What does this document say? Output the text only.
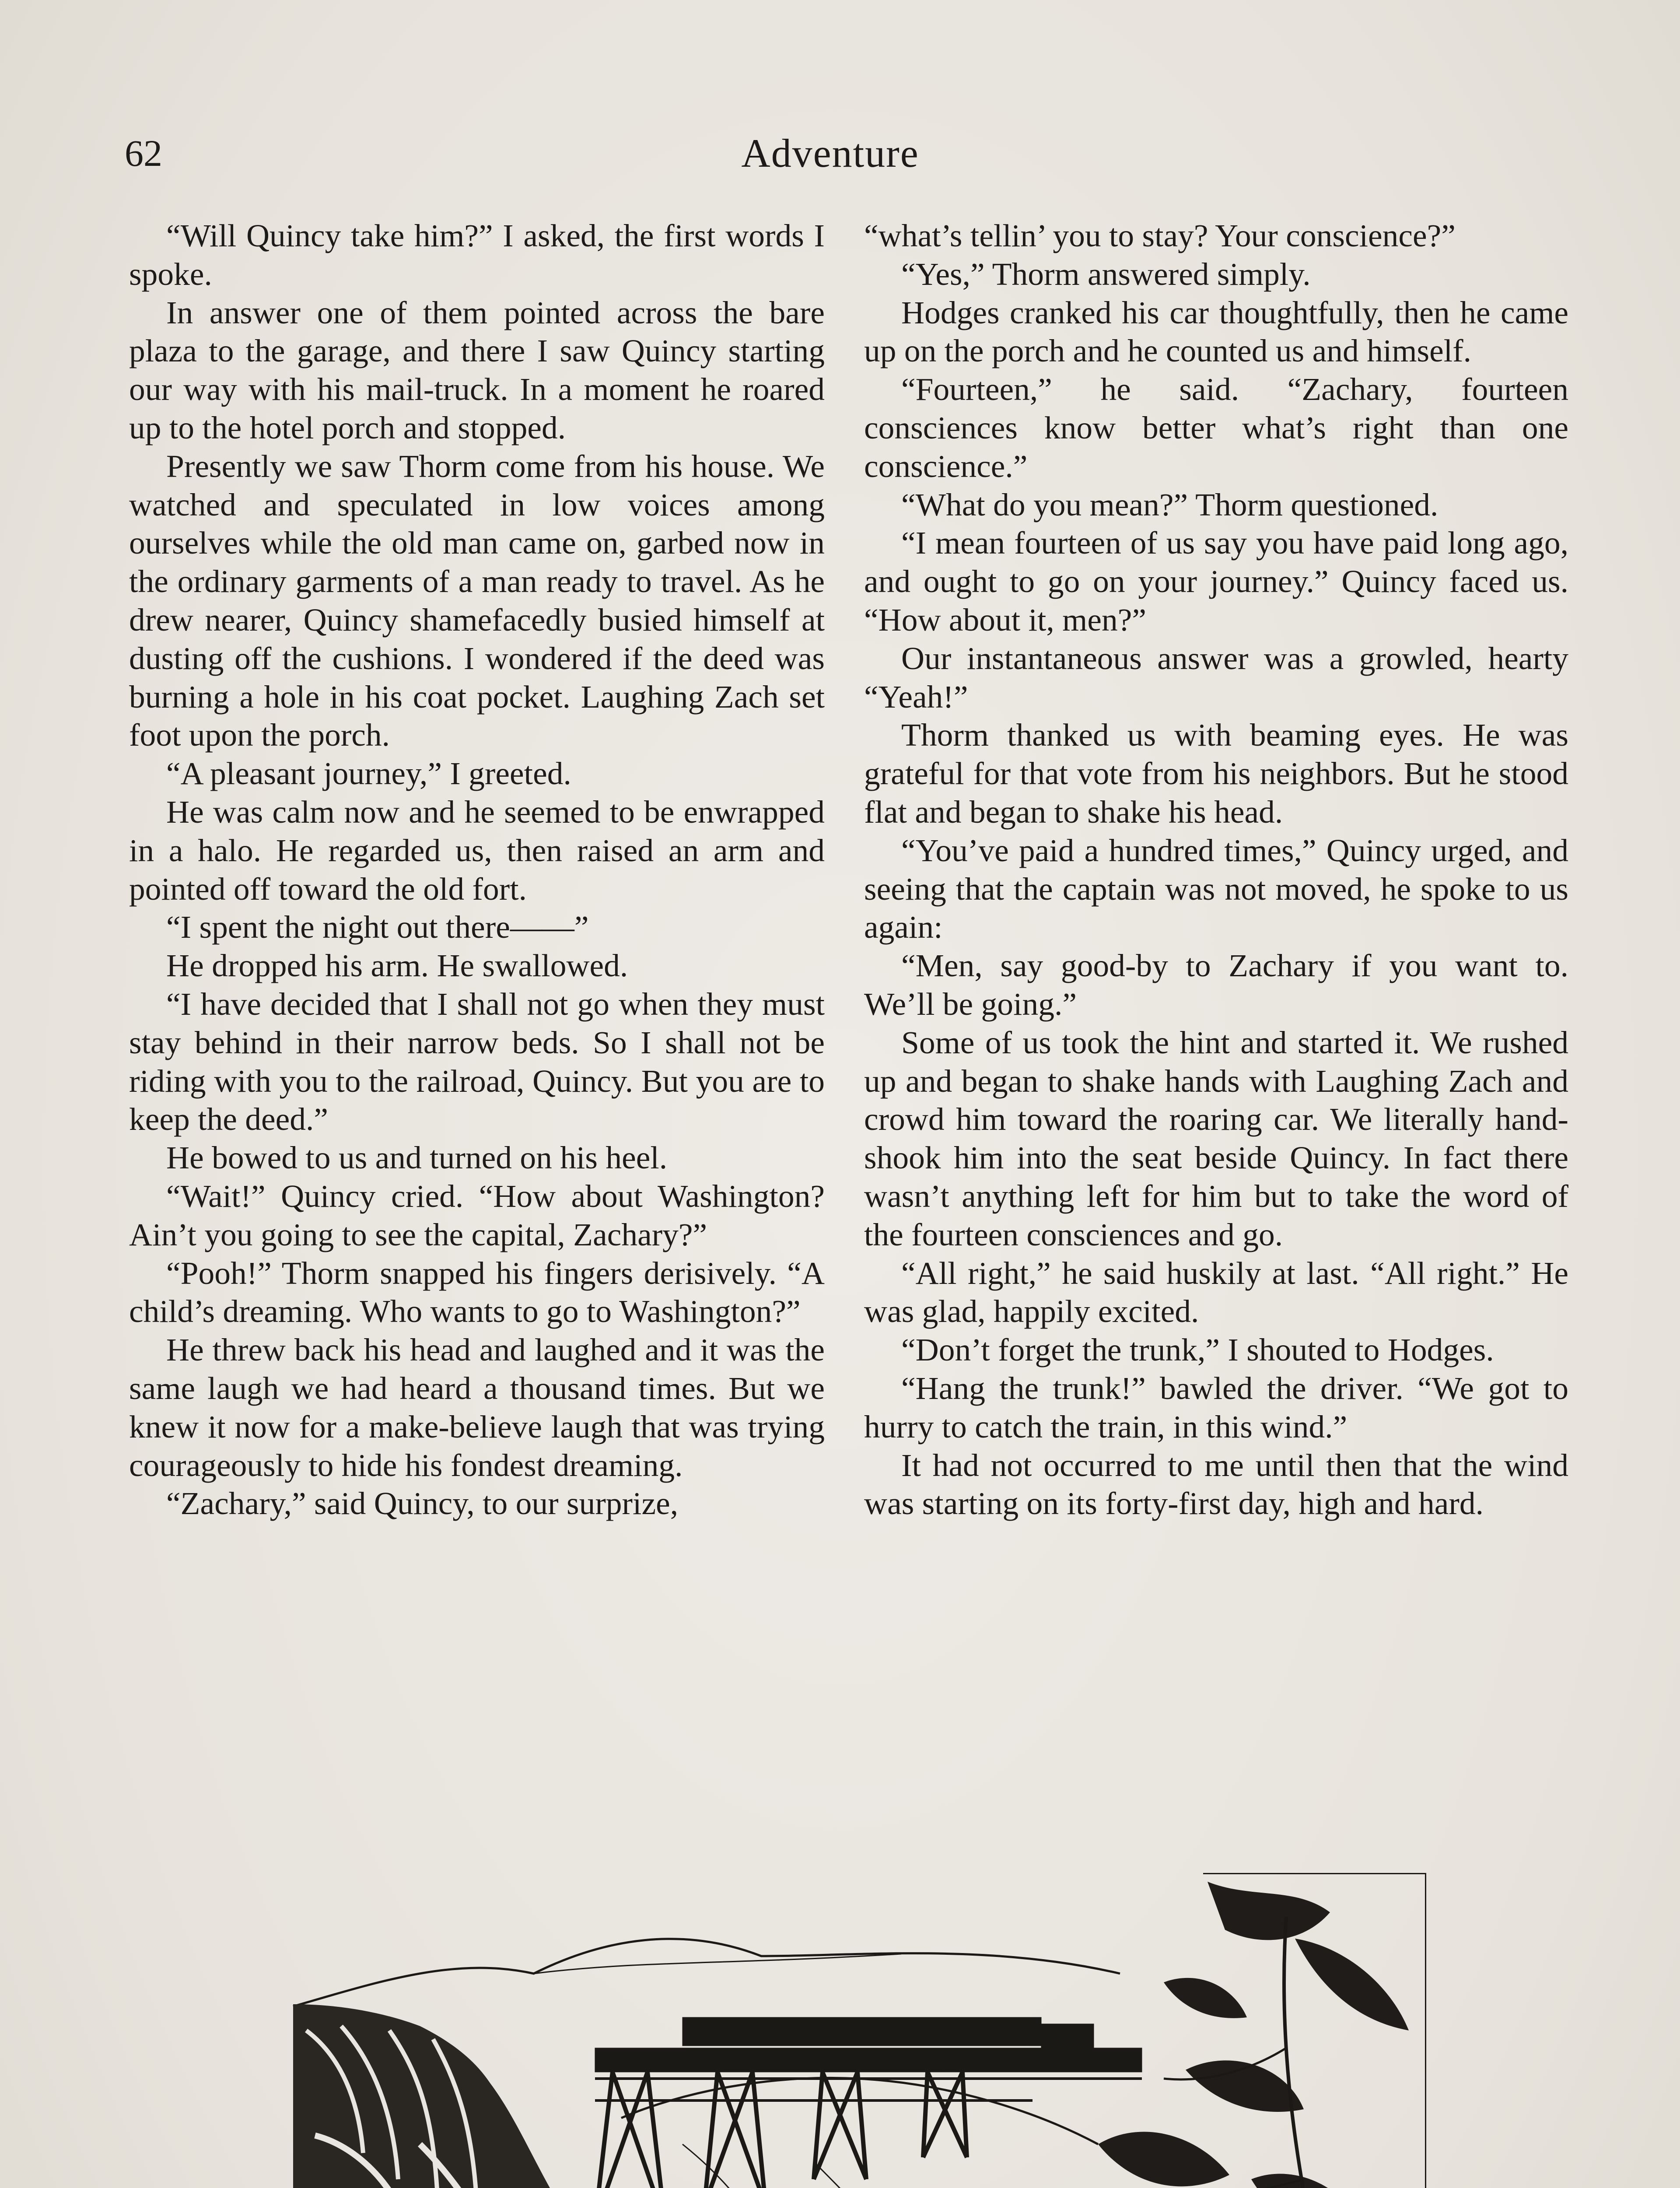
62	Adventure

“Will Quincy take him?” I asked, the first words I spoke.

In answer one of them pointed across the bare plaza to the garage, and there I saw Quincy starting our way with his mail-truck. In a moment he roared up to the hotel porch and stopped.

Presently we saw Thorm come from his house. We watched and speculated in low voices among ourselves while the old man came on, garbed now in the ordinary garments of a man ready to travel. As he drew nearer, Quincy shamefacedly busied himself at dusting off the cushions. I wondered if the deed was burning a hole in his coat pocket. Laughing Zach set foot upon the porch.

“A pleasant journey,” I greeted.

He was calm now and he seemed to be enwrapped in a halo. He regarded us, then raised an arm and pointed off toward the old fort.

“I spent the night out there——”

He dropped his arm. He swallowed.

“I have decided that I shall not go when they must stay behind in their narrow beds. So I shall not be riding with you to the railroad, Quincy. But you are to keep the deed.”

He bowed to us and turned on his heel.

“Wait!” Quincy cried. “How about Washington? Ain’t you going to see the capital, Zachary?”

“Pooh!” Thorm snapped his fingers derisively. “A child’s dreaming. Who wants to go to Washington?”

He threw back his head and laughed and it was the same laugh we had heard a thousand times. But we knew it now for a make-believe laugh that was trying courageously to hide his fondest dreaming.

“Zachary,” said Quincy, to our surprize,

“what’s tellin’ you to stay? Your conscience?”

“Yes,” Thorm answered simply.

Hodges cranked his car thoughtfully, then he came up on the porch and he counted us and himself.

“Fourteen,” he said. “Zachary, fourteen consciences know better what’s right than one conscience.”

“What do you mean?” Thorm questioned.

“I mean fourteen of us say you have paid long ago, and ought to go on your journey.” Quincy faced us. “How about it, men?”

Our instantaneous answer was a growled, hearty “Yeah!”

Thorm thanked us with beaming eyes. He was grateful for that vote from his neighbors. But he stood flat and began to shake his head.

“You’ve paid a hundred times,” Quincy urged, and seeing that the captain was not moved, he spoke to us again:

“Men, say good-by to Zachary if you want to. We’ll be going.”

Some of us took the hint and started it. We rushed up and began to shake hands with Laughing Zach and crowd him toward the roaring car. We literally hand-shook him into the seat beside Quincy. In fact there wasn’t anything left for him but to take the word of the fourteen consciences and go.

“All right,” he said huskily at last. “All right.” He was glad, happily excited.

“Don’t forget the trunk,” I shouted to Hodges.

“Hang the trunk!” bawled the driver. “We got to hurry to catch the train, in this wind.”

It had not occurred to me until then that the wind was starting on its forty-first day, high and hard.
